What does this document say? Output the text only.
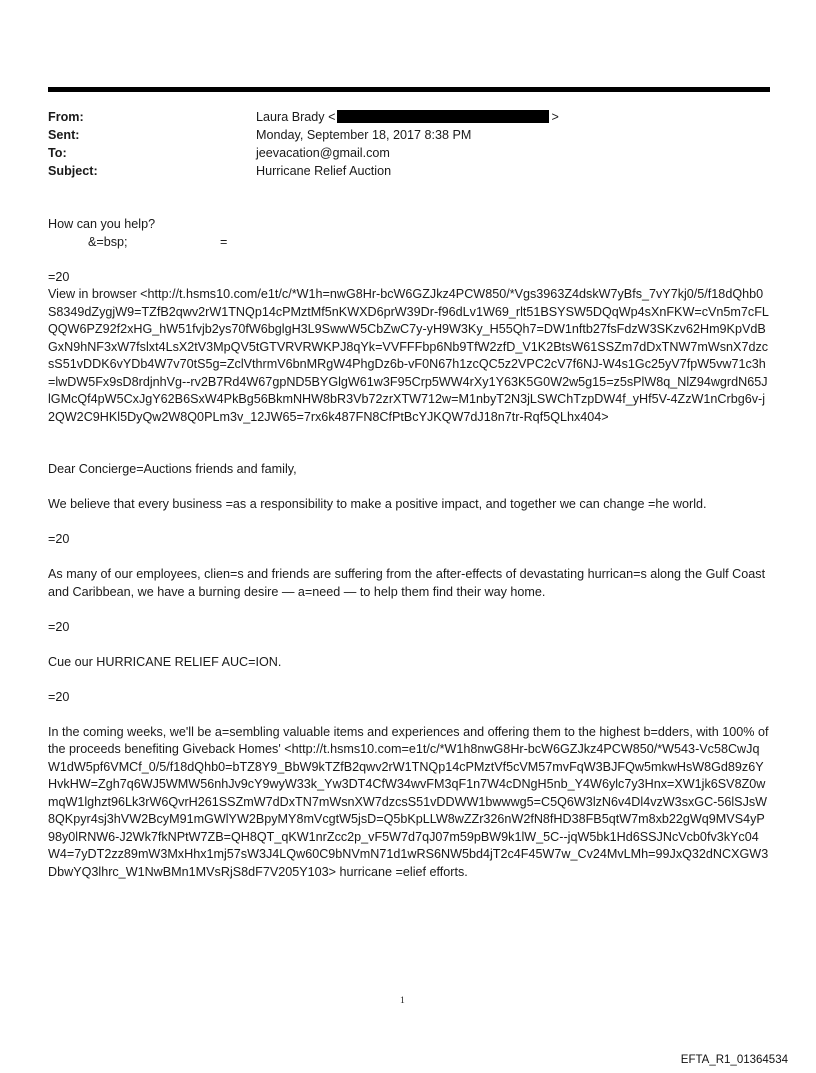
From:	Laura Brady <	>
Sent:	Monday, September 18, 2017 8:38 PM
To:	jeevacation@gmail.com
Subject:	Hurricane Relief Auction

How can you help?

&=bsp;	=

=20

View in browser <http://t.hsms10.com/e1t/c/*W1h=nwG8Hr-bcW6GZJkz4PCW850/*Vgs3963Z4dskW7yBfs_7vY7kj0/5/f18dQhb0S8349dZygjW9=TZfB2qwv2rW1TNQp14cPMztMf5nKWXD6prW39Dr-f96dLv1W69_rlt51BSYSW5DQqWp4sXnFKW=cVn5m7cFLQQW6PZ92f2xHG_hW51fvjb2ys70fW6bglgH3L9SwwW5CbZwC7y-yH9W3Ky_H55Qh7=DW1nftb27fsFdzW3SKzv62Hm9KpVdBGxN9hNF3xW7fslxt4LsX2tV3MpQV5tGTVRVRWKPJ8qYk=VVFFFbp6Nb9TfW2zfD_V1K2BtsW61SSZm7dDxTNW7mWsnX7dzcsS51vDDK6vYDb4W7v70tS5g=ZclVthrmV6bnMRgW4PhgDz6b-vF0N67h1zcQC5z2VPC2cV7f6NJ-W4s1Gc25yV7fpW5vw71c3h=lwDW5Fx9sD8rdjnhVg--rv2B7Rd4W67gpND5BYGlgW61w3F95Crp5WW4rXy1Y63K5G0W2w5g15=z5sPlW8q_NlZ94wgrdN65JlGMcQf4pW5CxJgY62B6SxW4PkBg56BkmNHW8bR3Vb72zrXTW712w=M1nbyT2N3jLSWChTzpDW4f_yHf5V-4ZzW1nCrbg6v-j2QW2C9HKl5DyQw2W8Q0PLm3v_12JW65=7rx6k487FN8CfPtBcYJKQW7dJ18n7tr-Rqf5QLhx404>

Dear Concierge=Auctions friends and family,

We believe that every business =as a responsibility to make a positive impact, and together we can change =he world.

=20

As many of our employees, clien=s and friends are suffering from the after-effects of devastating hurrican=s along the Gulf Coast and Caribbean, we have a burning desire — a=need — to help them find their way home.

=20

Cue our HURRICANE RELIEF AUC=ION.

=20

In the coming weeks, we'll be a=sembling valuable items and experiences and offering them to the highest b=dders, with 100% of the proceeds benefiting Giveback Homes' <http://t.hsms10.com=e1t/c/*W1h8nwG8Hr-bcW6GZJkz4PCW850/*W543-Vc58CwJqW1dW5pf6VMCf_0/5/f18dQhb0=bTZ8Y9_BbW9kTZfB2qwv2rW1TNQp14cPMztVf5cVM57mvFqW3BJFQw5mkwHsW8Gd89z6YHvkHW=Zgh7q6WJ5WMW56nhJv9cY9wyW33k_Yw3DT4CfW34wvFM3qF1n7W4cDNgH5nb_Y4W6ylc7y3Hnx=XW1jk6SV8Z0wmqW1lghzt96Lk3rW6QvrH261SSZmW7dDxTN7mWsnXW7dzcsS51vDDWW1bwwwg5=C5Q6W3lzN6v4Dl4vzW3sxGC-56lSJsW8QKpyr4sj3hVW2BcyM91mGWlYW2BpyMY8mVcgtW5jsD=Q5bKpLLW8wZZr326nW2fN8fHD38FB5qtW7m8xb22gWq9MVS4yP98y0lRNW6-J2Wk7fkNPtW7ZB=QH8QT_qKW1nrZcc2p_vF5W7d7qJ07m59pBW9k1lW_5C--jqW5bk1Hd6SSJNcVcb0fv3kYc04W4=7yDT2zz89mW3MxHhx1mj57sW3J4LQw60C9bNVmN71d1wRS6NW5bd4jT2c4F45W7w_Cv24MvLMh=99JxQ32dNCXGW3DbwYQ3lhrc_W1NwBMn1MVsRjS8dF7V205Y103> hurricane =elief efforts.

1
EFTA_R1_01364534
